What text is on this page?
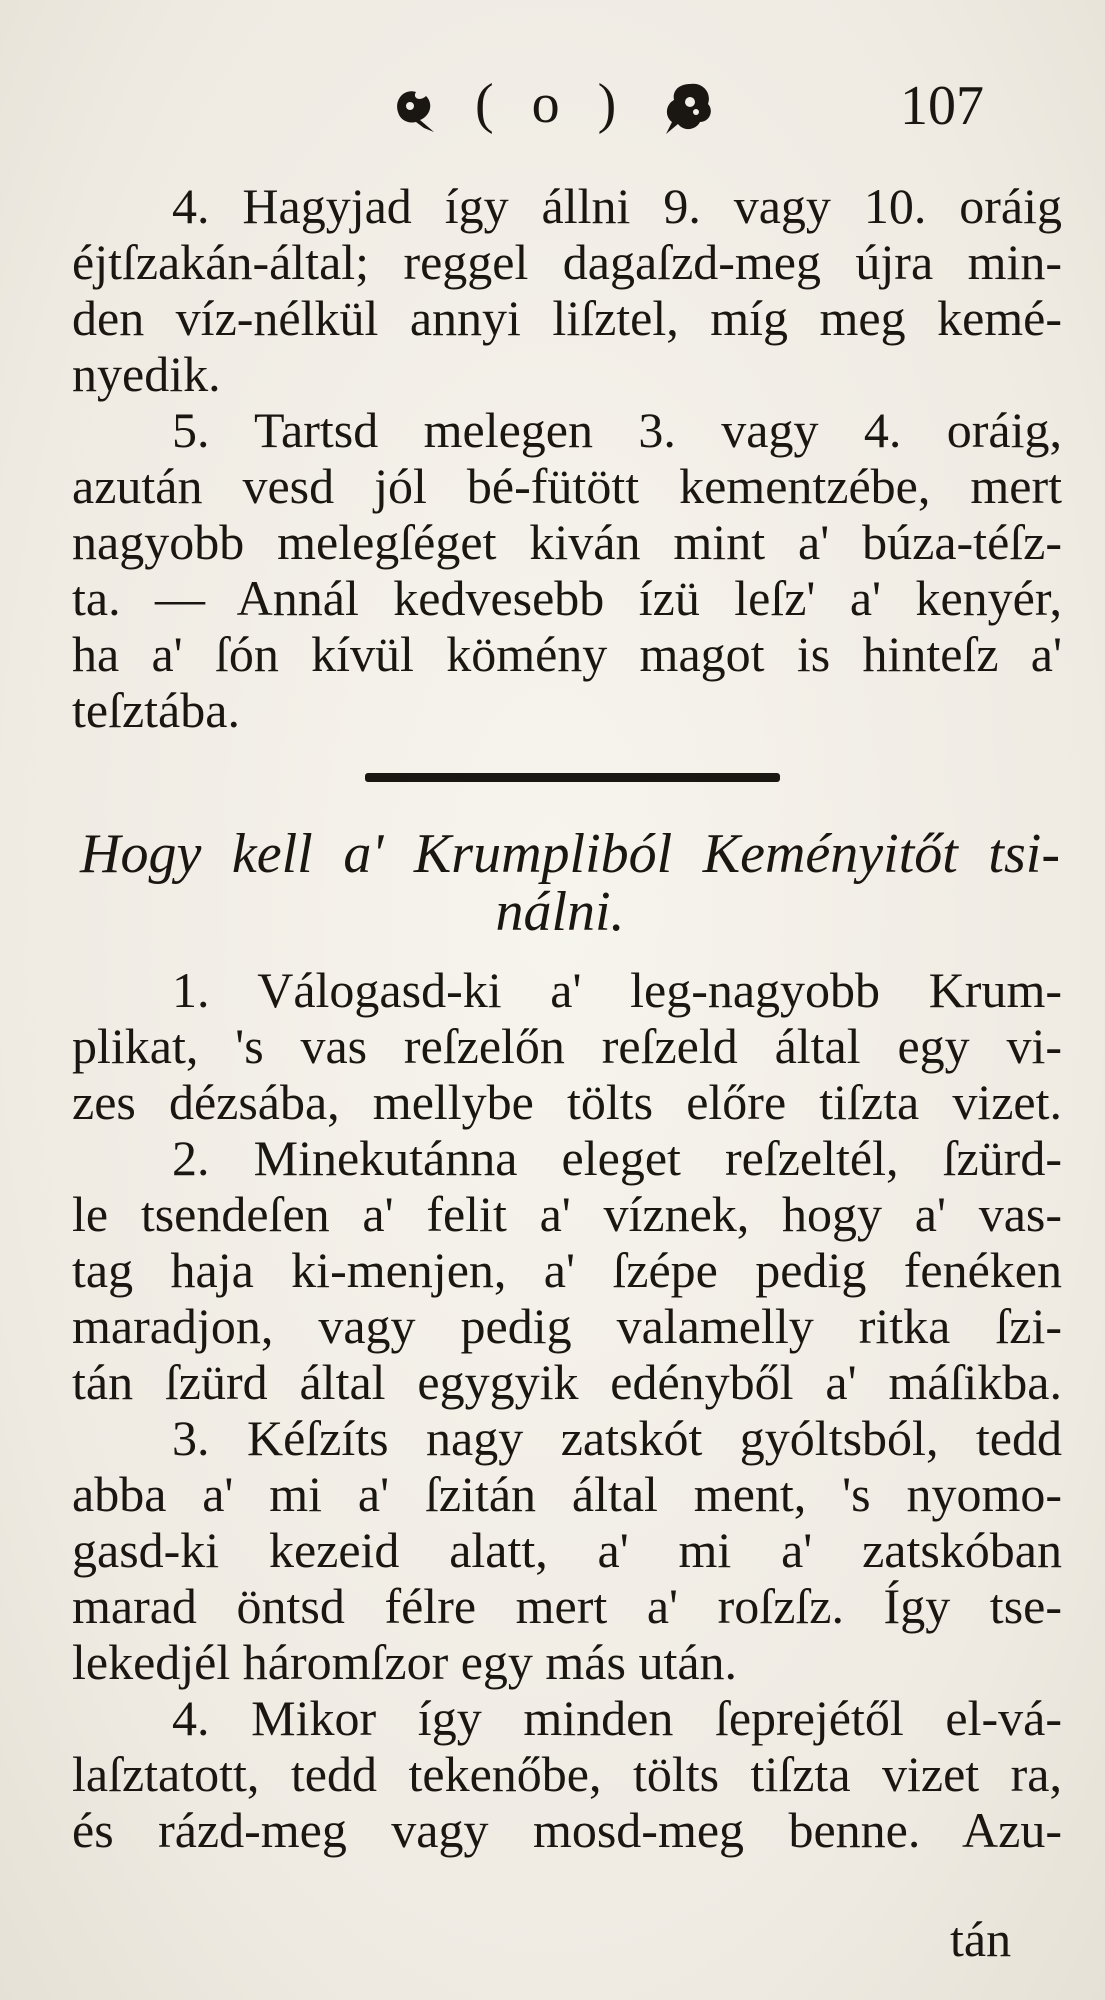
( o )	107
4. Hagyjad így állni 9. vagy 10. oráig
éjtſzakán-által; reggel dagaſzd-meg újra min-
den víz-nélkül annyi liſztel, míg meg kemé-
nyedik.
5. Tartsd melegen 3. vagy 4. oráig,
azután vesd jól bé-fütött kementzébe, mert
nagyobb melegſéget kiván mint a' búza-téſz-
ta. — Annál kedvesebb ízü leſz' a' kenyér,
ha a' ſón kívül kömény magot is hinteſz a'
teſztába.
Hogy kell a' Krumpliból Keményitőt tsi-
nálni.
1. Válogasd-ki a' leg-nagyobb Krum-
plikat, 's vas reſzelőn reſzeld által egy vi-
zes dézsába, mellybe tölts előre tiſzta vizet.
2. Minekutánna eleget reſzeltél, ſzürd-
le tsendeſen a' felit a' víznek, hogy a' vas-
tag haja ki-menjen, a' ſzépe pedig fenéken
maradjon, vagy pedig valamelly ritka ſzi-
tán ſzürd által egygyik edényből a' máſikba.
3. Kéſzíts nagy zatskót gyóltsból, tedd
abba a' mi a' ſzitán által ment, 's nyomo-
gasd-ki kezeid alatt, a' mi a' zatskóban
marad öntsd félre mert a' roſzſz. Így tse-
lekedjél háromſzor egy más után.
4. Mikor így minden ſeprejétől el-vá-
laſztatott, tedd tekenőbe, tölts tiſzta vizet ra,
és rázd-meg vagy mosd-meg benne. Azu-
tán
